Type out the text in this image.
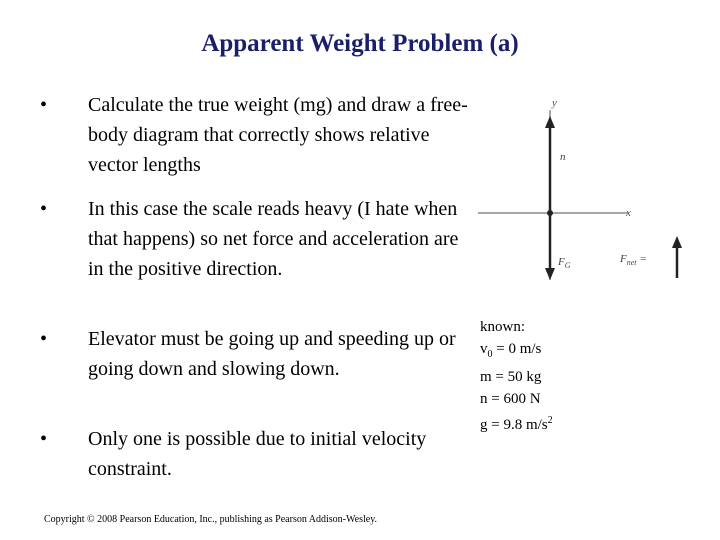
Apparent Weight Problem (a)
•	Calculate the true weight (mg) and draw a free-body diagram that correctly shows relative vector lengths
•	In this case the scale reads heavy (I hate when that happens) so net force and acceleration are in the positive direction.
•	Elevator must be going up and speeding up or going down and slowing down.
•	Only one is possible due to initial velocity constraint.
y
x
n
$F_G$
$F_{net}$ =
known:
$v_0 = 0$ m/s
m = 50 kg
n = 600 N
g = 9.8 $m/s^2$
Copyright © 2008 Pearson Education, Inc., publishing as Pearson Addison-Wesley.
